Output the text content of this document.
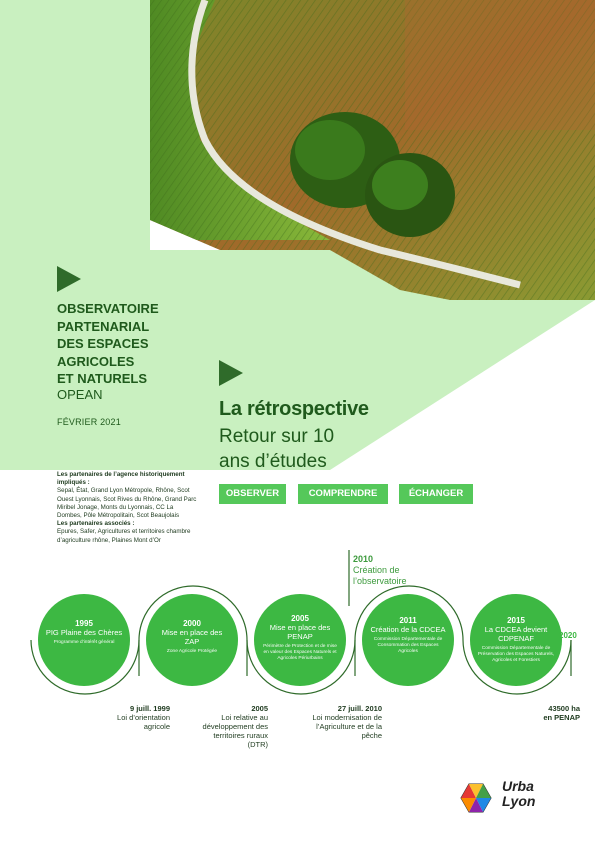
OBSERVATOIRE
PARTENARIAL
DES ESPACES
AGRICOLES
ET NATURELS
OPEAN
FÉVRIER 2021
Les partenaires de l’agence historiquement impliqués :
Sepal, État, Grand Lyon Métropole, Rhône, Scot Ouest Lyonnais, Scot Rives du Rhône, Grand Parc Miribel Jonage, Monts du Lyonnais, CC La Dombes, Pôle Métropolitain, Scot Beaujolais
Les partenaires associés :
Epures, Safer, Agricultures et territoires chambre d’agriculture rhône, Plaines Mont d’Or
La rétrospective
Retour sur 10 ans d’études
OBSERVER	COMPRENDRE	ÉCHANGER
1995
PIG Plaine des Chères
Programme d’intérêt général
2000
Mise en place des ZAP
Zone Agricole Protégée
2005
Mise en place des PENAP
Périmètre de Protection et de mise en valeur des Espaces Naturels et Agricoles Périurbains
2011
Création de la CDCEA
Commission Départementale de Consommation des Espaces Agricoles
2015
La CDCEA devient CDPENAF
Commission Départementale de Préservation des Espaces Naturels, Agricoles et Forestiers
9 juill. 1999
Loi d’orientation agricole
2005
Loi relative au développement des territoires ruraux (DTR)
27 juill. 2010
Loi modernisation de l’Agriculture et de la pêche
43500 ha
en PENAP
2010
Création de l’observatoire
2020
Urba
Lyon
